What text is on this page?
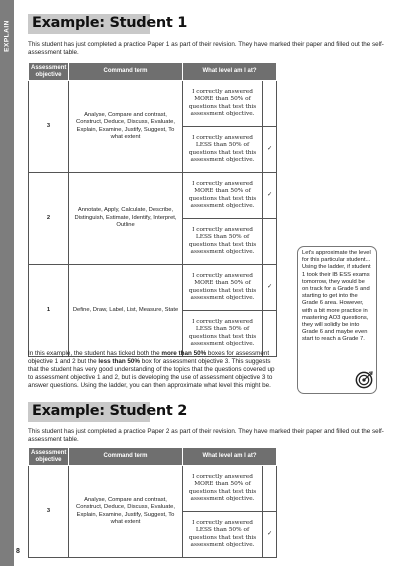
EXPLAIN Example: Student 1
This student has just completed a practice Paper 1 as part of their revision. They have marked their paper and filled out the self-assessment table.
Assessment objective	Command term	What level am I at?	
3	Analyse, Compare and contrast, Construct, Deduce, Discuss, Evaluate, Explain, Examine, Justify, Suggest, To what extent	I correctly answered MORE than 50% of questions that test this assessment objective.	
		I correctly answered LESS than 50% of questions that test this assessment objective.	✓
2	Annotate, Apply, Calculate, Describe, Distinguish, Estimate, Identify, Interpret, Outline	I correctly answered MORE than 50% of questions that test this assessment objective.	✓
		I correctly answered LESS than 50% of questions that test this assessment objective.	
1	Define, Draw, Label, List, Measure, State	I correctly answered MORE than 50% of questions that test this assessment objective.	✓
		I correctly answered LESS than 50% of questions that test this assessment objective.	
In this example, the student has ticked both the more than 50% boxes for assessment objective 1 and 2 but the less than 50% box for assessment objective 3. This suggests that the student has very good understanding of the topics that the questions covered up to assessment objective 1 and 2, but is developing the use of assessment objective 3 to answer questions. Using the ladder, you can then approximate what level this might be.
Let's approximate the level for this particular student... Using the ladder, if student 1 took their IB ESS exams tomorrow, they would be on track for a Grade 5 and starting to get into the Grade 6 area. However, with a bit more practice in mastering AO3 questions, they will solidly be into Grade 6 and maybe even start to reach a Grade 7.
Example: Student 2
This student has just completed a practice Paper 2 as part of their revision. They have marked their paper and filled out the self-assessment table.
Assessment objective	Command term	What level am I at?	
3	Analyse, Compare and contrast, Construct, Deduce, Discuss, Evaluate, Explain, Examine, Justify, Suggest, To what extent	I correctly answered MORE than 50% of questions that test this assessment objective.	
		I correctly answered LESS than 50% of questions that test this assessment objective.	✓
8
